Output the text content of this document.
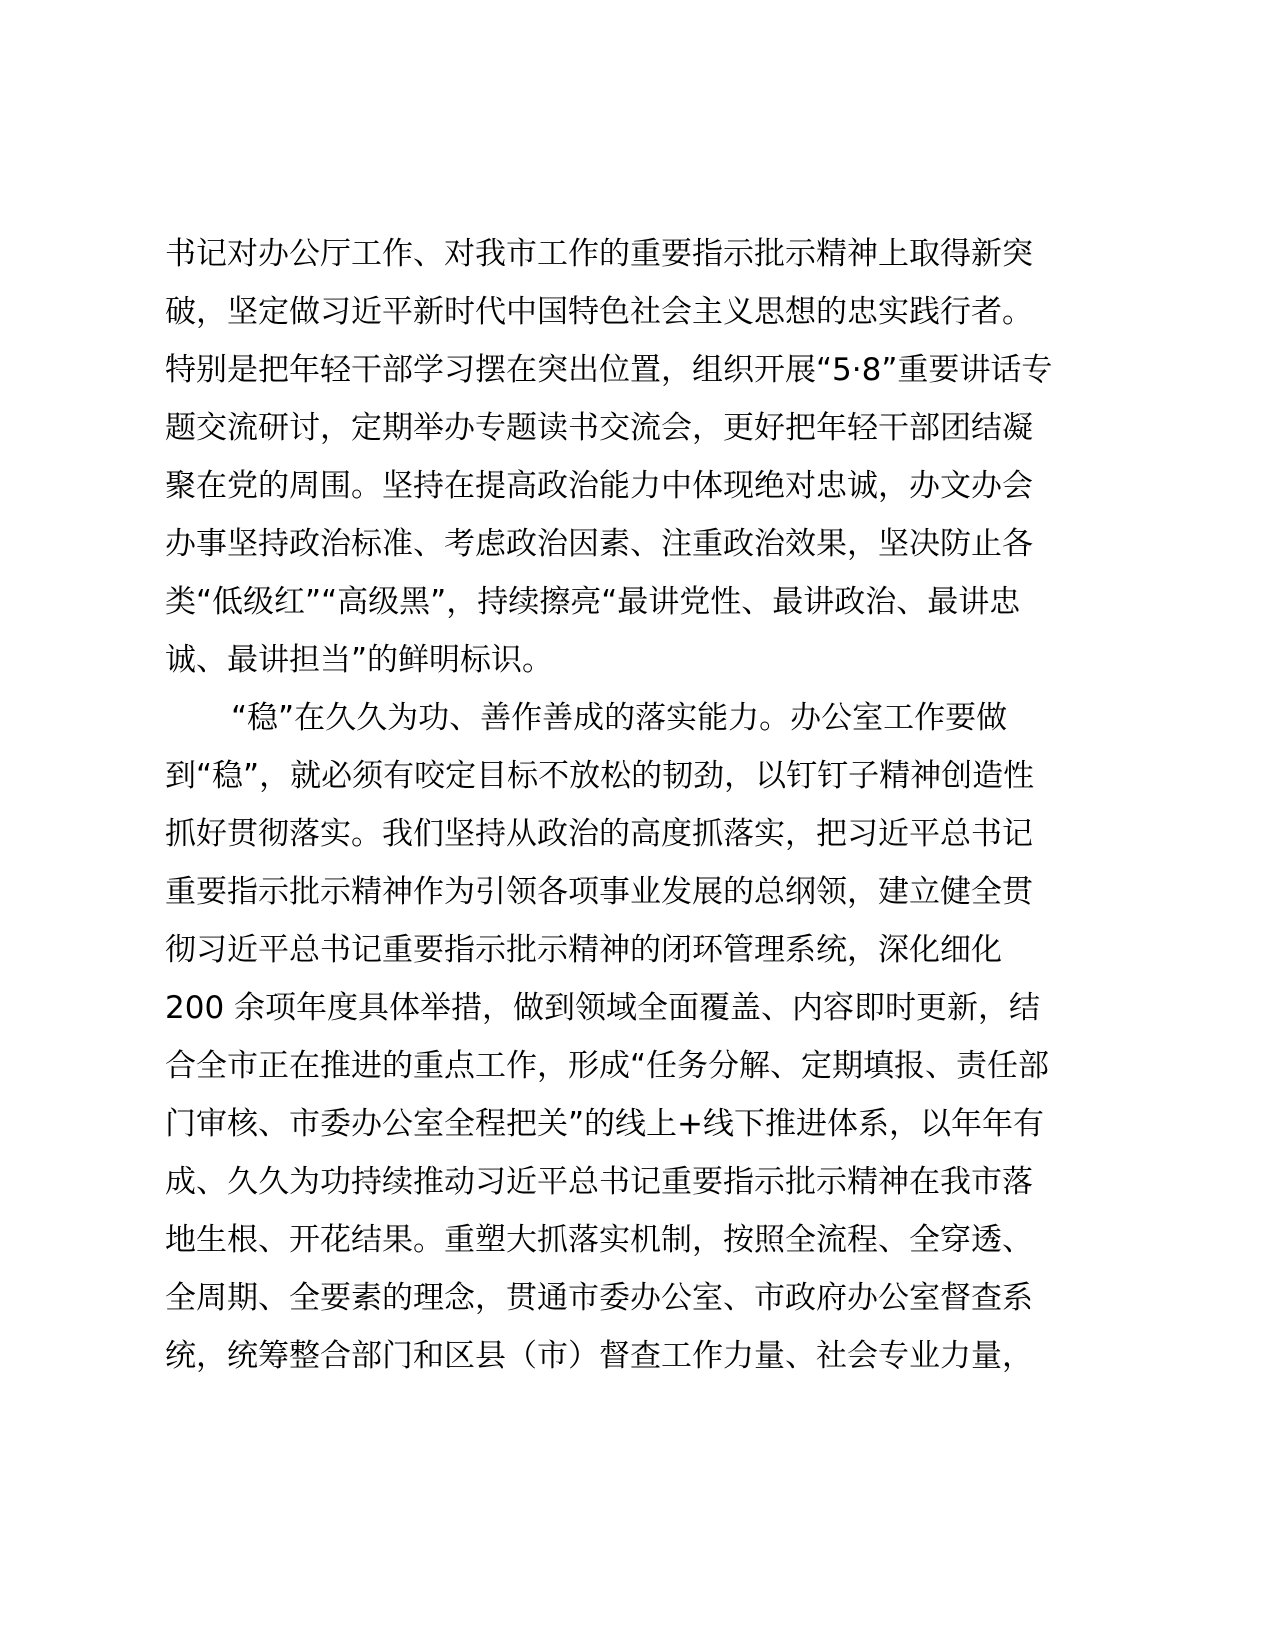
书记对办公厅工作、对我市工作的重要指示批示精神上取得新突
破，坚定做习近平新时代中国特色社会主义思想的忠实践行者。
特别是把年轻干部学习摆在突出位置，组织开展“5·8”重要讲话专
题交流研讨，定期举办专题读书交流会，更好把年轻干部团结凝
聚在党的周围。坚持在提高政治能力中体现绝对忠诚，办文办会
办事坚持政治标准、考虑政治因素、注重政治效果，坚决防止各
类“低级红”“高级黑”，持续擦亮“最讲党性、最讲政治、最讲忠
诚、最讲担当”的鲜明标识。
“稳”在久久为功、善作善成的落实能力。办公室工作要做
到“稳”，就必须有咬定目标不放松的韧劲，以钉钉子精神创造性
抓好贯彻落实。我们坚持从政治的高度抓落实，把习近平总书记
重要指示批示精神作为引领各项事业发展的总纲领，建立健全贯
彻习近平总书记重要指示批示精神的闭环管理系统，深化细化
200 余项年度具体举措，做到领域全面覆盖、内容即时更新，结
合全市正在推进的重点工作，形成“任务分解、定期填报、责任部
门审核、市委办公室全程把关”的线上+线下推进体系，以年年有
成、久久为功持续推动习近平总书记重要指示批示精神在我市落
地生根、开花结果。重塑大抓落实机制，按照全流程、全穿透、
全周期、全要素的理念，贯通市委办公室、市政府办公室督查系
统，统筹整合部门和区县（市）督查工作力量、社会专业力量，
